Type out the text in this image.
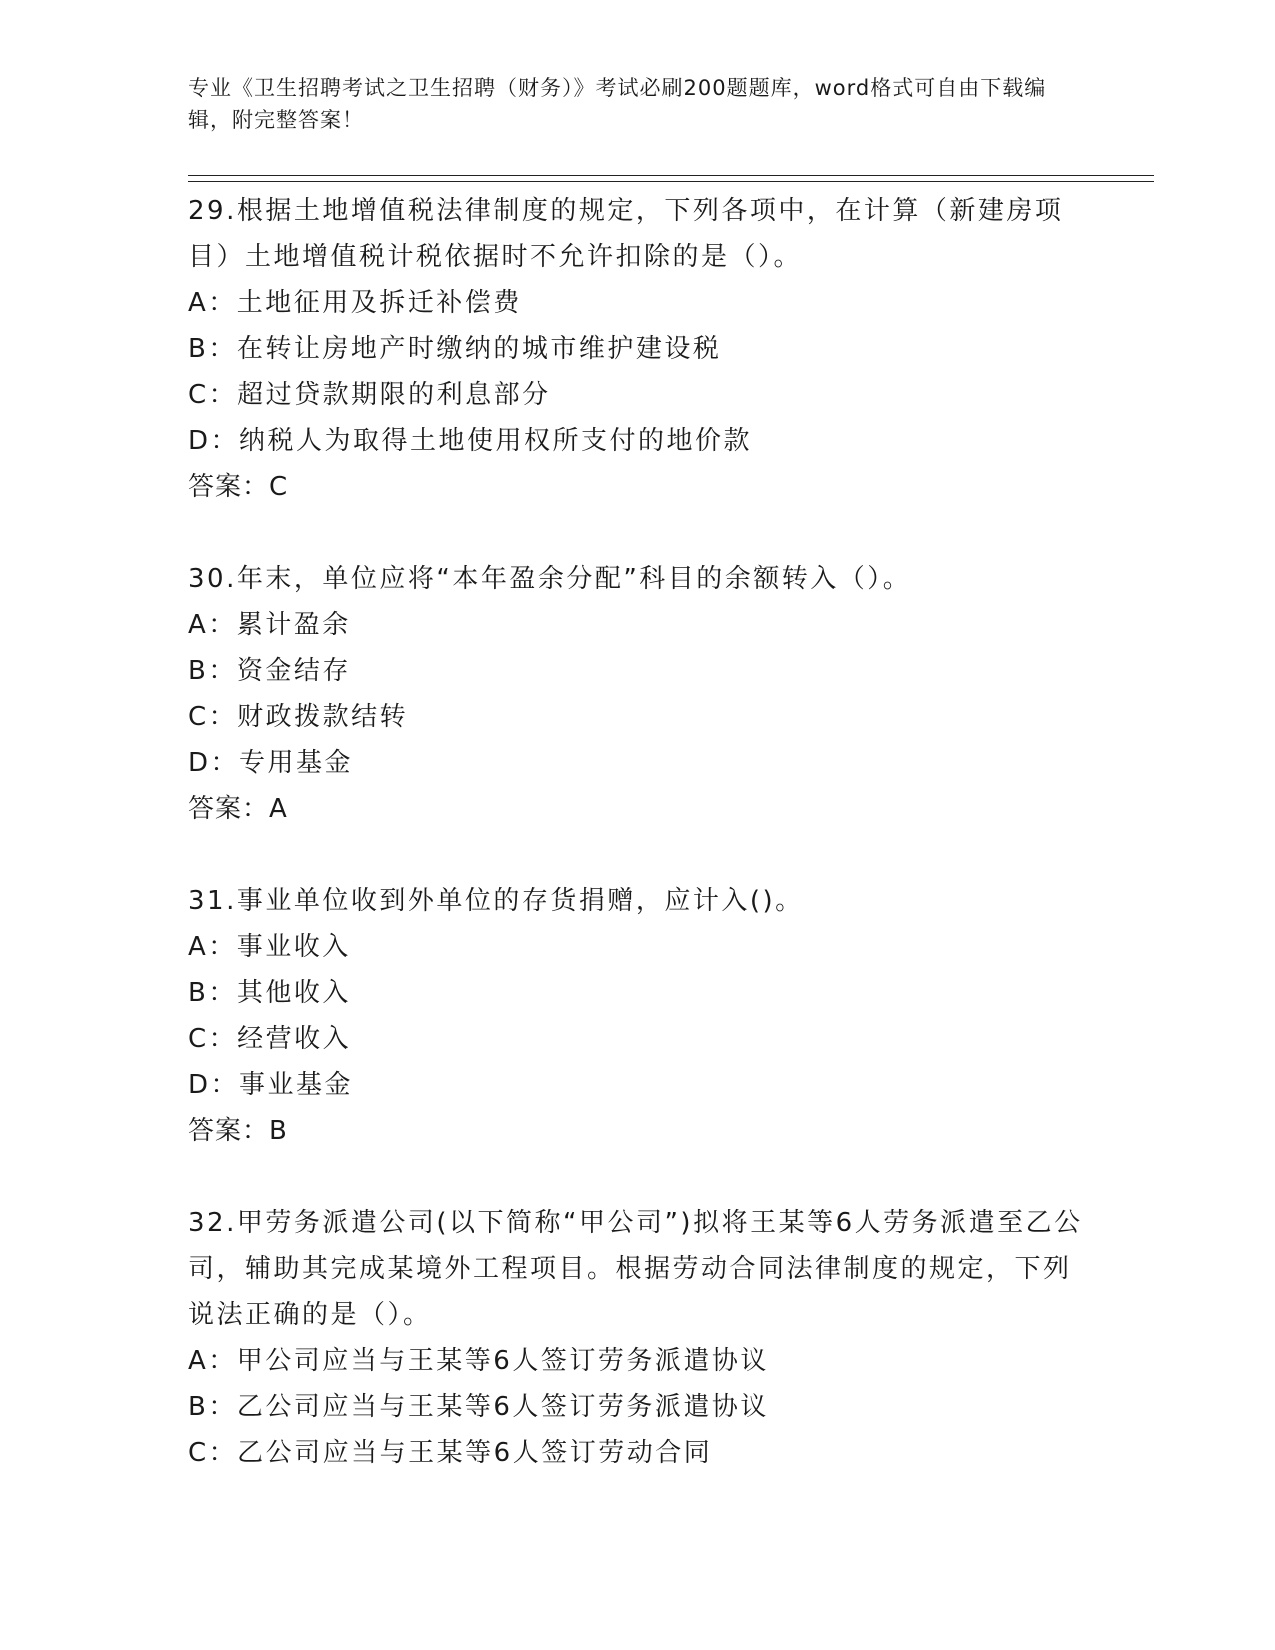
专业《卫生招聘考试之卫生招聘（财务）》考试必刷200题题库，word格式可自由下载编辑，附完整答案！
29.根据土地增值税法律制度的规定，下列各项中，在计算（新建房项目）土地增值税计税依据时不允许扣除的是（）。
A：土地征用及拆迁补偿费
B：在转让房地产时缴纳的城市维护建设税
C：超过贷款期限的利息部分
D：纳税人为取得土地使用权所支付的地价款
答案：C
30.年末，单位应将“本年盈余分配”科目的余额转入（）。
A：累计盈余
B：资金结存
C：财政拨款结转
D：专用基金
答案：A
31.事业单位收到外单位的存货捐赠，应计入()。
A：事业收入
B：其他收入
C：经营收入
D：事业基金
答案：B
32.甲劳务派遣公司(以下简称“甲公司”)拟将王某等6人劳务派遣至乙公司，辅助其完成某境外工程项目。根据劳动合同法律制度的规定，下列说法正确的是（）。
A：甲公司应当与王某等6人签订劳务派遣协议
B：乙公司应当与王某等6人签订劳务派遣协议
C：乙公司应当与王某等6人签订劳动合同
